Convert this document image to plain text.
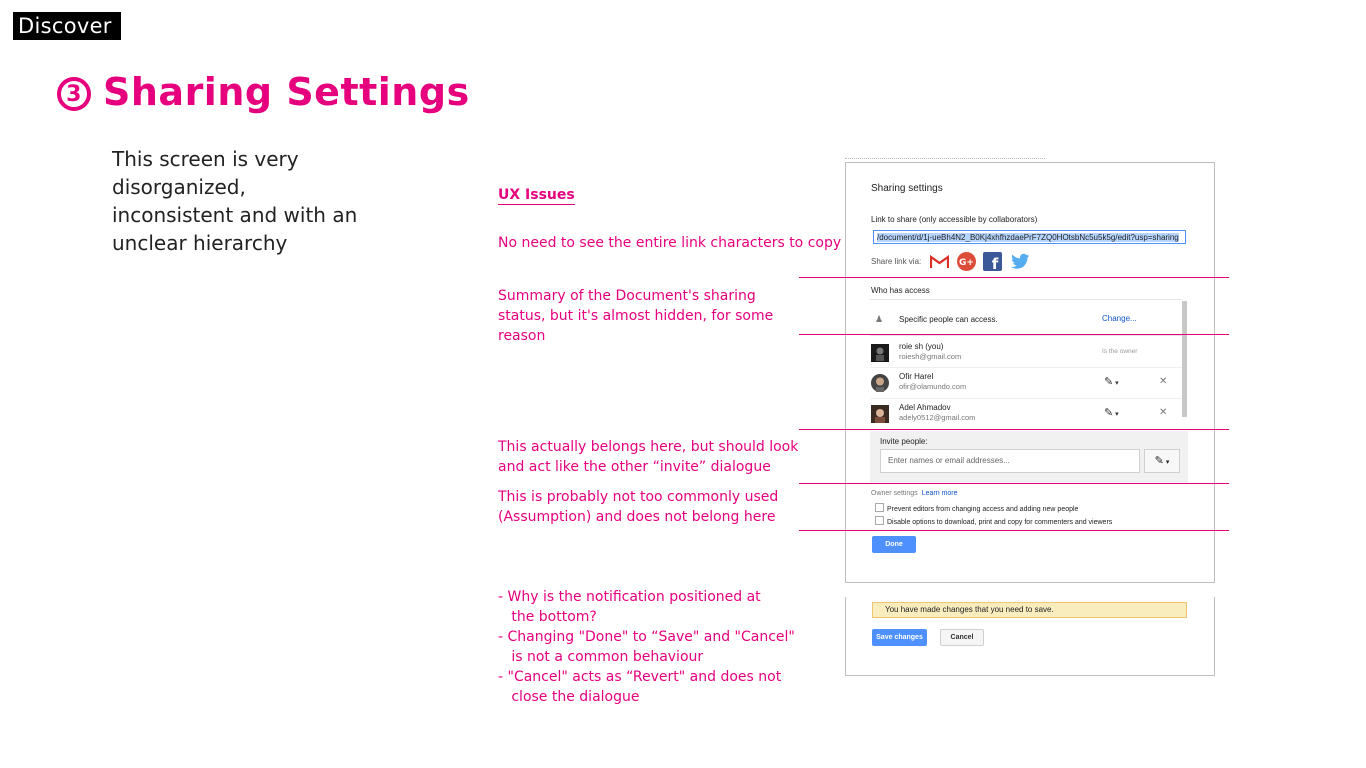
Discover
3 Sharing Settings
This screen is very
disorganized,
inconsistent and with an
unclear hierarchy
UX Issues
No need to see the entire link characters to copy
Summary of the Document's sharing
status, but it's almost hidden, for some
reason
This actually belongs here, but should look
and act like the other “invite” dialogue
This is probably not too commonly used
(Assumption) and does not belong here
- Why is the notification positioned at
the bottom?
- Changing "Done" to “Save" and "Cancel"
is not a common behaviour
- "Cancel" acts as “Revert" and does not
close the dialogue
Sharing settings
Link to share (only accessible by collaborators)
/document/d/1j-ueBh4N2_B0Kj4xhfhzdaePrF7ZQ0HOtsbNc5u5k5g/edit?usp=sharing
Share link via:	G+ f
Who has access
♟ Specific people can access.	Change...
roie sh (you)
roiesh@gmail.com
Is the owner
Ofir Harel
ofir@olamundo.com	✎ ▾	✕
Adel Ahmadov
adely0512@gmail.com	✎ ▾	✕
Invite people:
Enter names or email addresses...	✎ ▾
Owner settings Learn more
Prevent editors from changing access and adding new people
Disable options to download, print and copy for commenters and viewers
Done
You have made changes that you need to save.
Save changes	Cancel
